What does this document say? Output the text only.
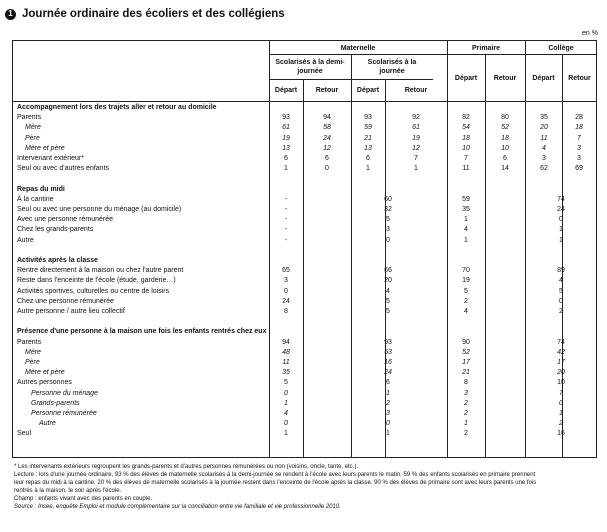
1 Journée ordinaire des écoliers et des collégiens
en %
Maternelle	Primaire	Collège
Scolarisés à la demi-journée
Scolarisés à la journée
Départ	Retour	Départ	Retour
Départ	Retour	Départ	Retour
Accompagnement lors des trajets aller et retour au domicile
Parents	93	94	93	92	82	80	35	28
Mère	61	58	59	61	54	52	20	18
Père	19	24	21	19	18	18	11	7
Mère et père	13	12	13	12	10	10	4	3
Intervenant extérieur*	6	6	6	7	7	6	3	3
Seul ou avec d'autres enfants	1	0	1	1	11	14	62	69
Repas du midi
À la cantine	-	60	59	74
Seul ou avec une personne du ménage (au domicile)	-	32	35	24
Avec une personne rémunérée	-	5	1	0
Chez les grands-parents	-	3	4	1
Autre	-	0	1	1
Activités après la classe
Rentre directement à la maison ou chez l'autre parent	65	66	70	89
Reste dans l'enceinte de l'école (étude, garderie…)	3	20	19	4
Activités sportives, culturelles ou centre de loisirs	0	4	5	5
Chez une personne rémunérée	24	5	2	0
Autre personne / autre lieu collectif	8	5	4	2
Présence d'une personne à la maison une fois les enfants rentrés chez eux
Parents	94	93	90	74
Mère	48	53	52	42
Père	11	16	17	17
Mère et père	35	24	21	20
Autres personnes	5	6	8	10
Personne du ménage	0	1	3	7
Grands-parents	1	2	2	0
Personne rémunérée	4	3	2	1
Autre	0	0	1	2
Seul	1	1	2	16
* Les intervenants extérieurs regroupent les grands-parents et d'autres personnes rémunérées ou non (voisins, oncle, tante, etc.).
Lecture : lors d'une journée ordinaire, 93 % des élèves de maternelle scolarisés à la demi-journée se rendent à l'école avec leurs parents le matin. 59 % des enfants scolarisés en primaire prennent
leur repas du midi à la cantine. 20 % des élèves de maternelle scolarisés à la journée restent dans l'enceinte de l'école après la classe. 90 % des élèves de primaire sont avec leurs parents une fois
rentrés à la maison, le soir après l'école.
Champ : enfants vivant avec des parents en couple.
Source : Insee, enquête Emploi et module complémentaire sur la conciliation entre vie familiale et vie professionnelle 2010.
